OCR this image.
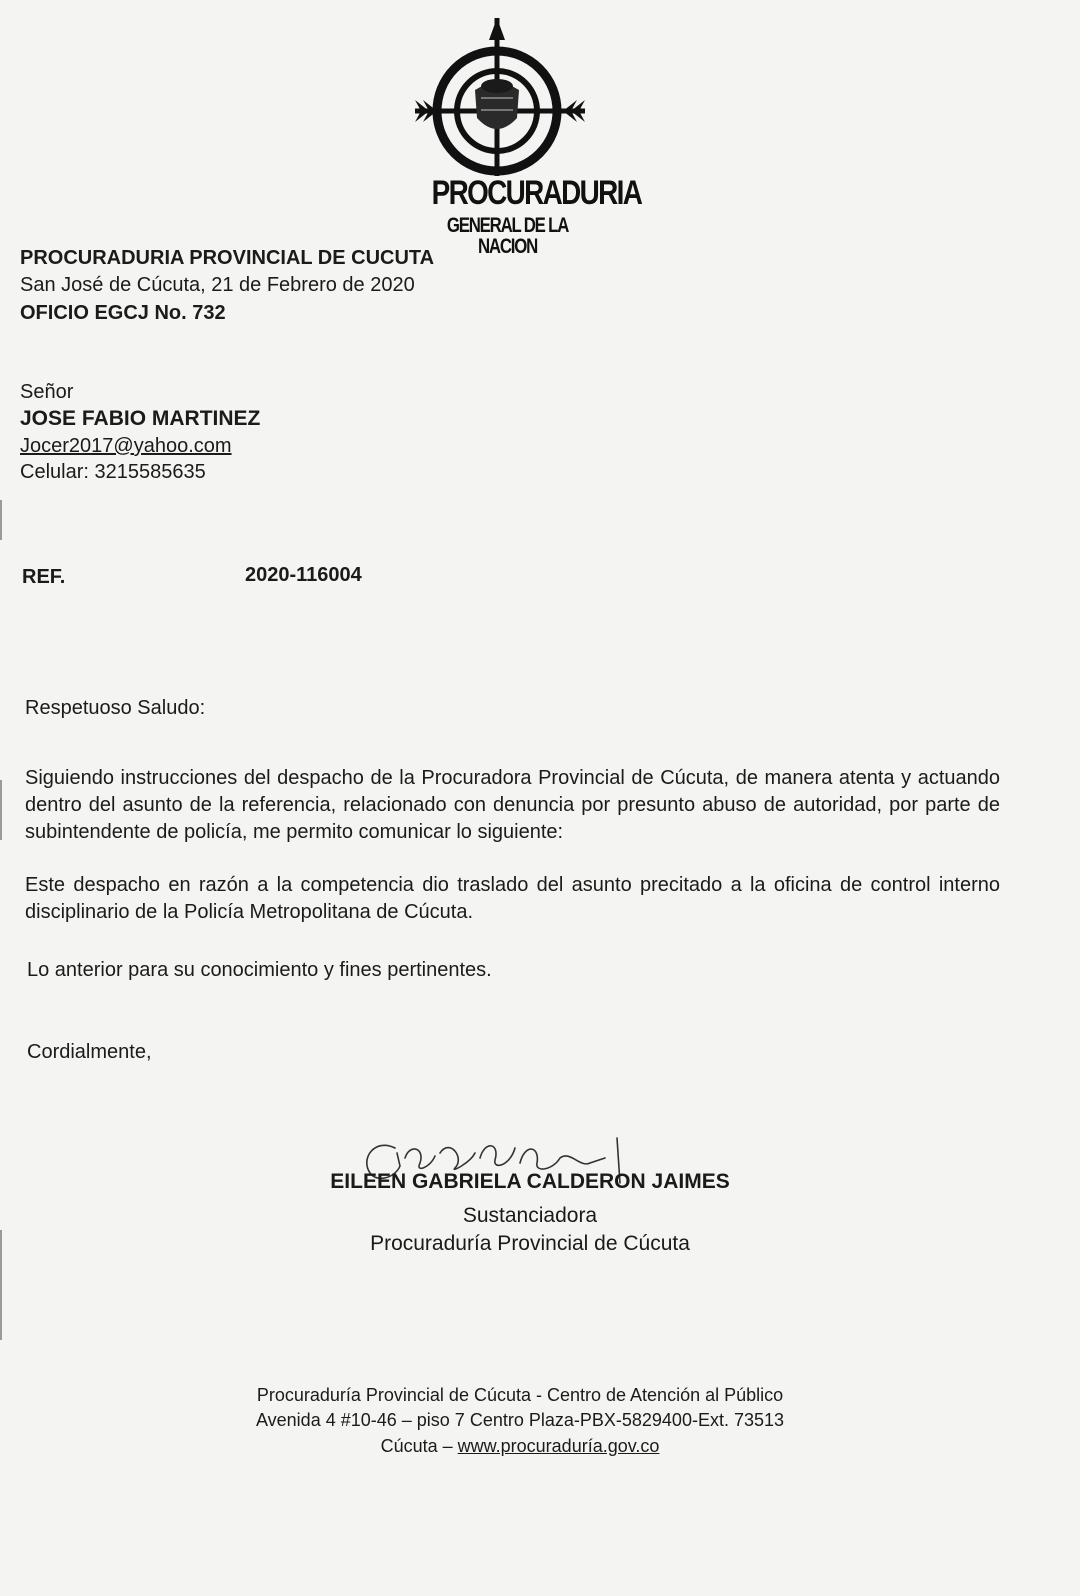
PROCURADURIA
GENERAL DE LA NACION
PROCURADURIA PROVINCIAL DE CUCUTA
San José de Cúcuta, 21 de Febrero de 2020
OFICIO EGCJ No. 732
Señor
JOSE FABIO MARTINEZ
Jocer2017@yahoo.com
Celular: 3215585635
REF.	2020-116004
Respetuoso Saludo:
Siguiendo instrucciones del despacho de la Procuradora Provincial de Cúcuta, de manera atenta y actuando dentro del asunto de la referencia, relacionado con denuncia por presunto abuso de autoridad, por parte de subintendente de policía, me permito comunicar lo siguiente:
Este despacho en razón a la competencia dio traslado del asunto precitado a la oficina de control interno disciplinario de la Policía Metropolitana de Cúcuta.
Lo anterior para su conocimiento y fines pertinentes.
Cordialmente,
EILEEN GABRIELA CALDERON JAIMES
Sustanciadora
Procuraduría Provincial de Cúcuta
Procuraduría Provincial de Cúcuta - Centro de Atención al Público
Avenida 4 #10-46 – piso 7 Centro Plaza-PBX-5829400-Ext. 73513
Cúcuta – www.procuraduría.gov.co
